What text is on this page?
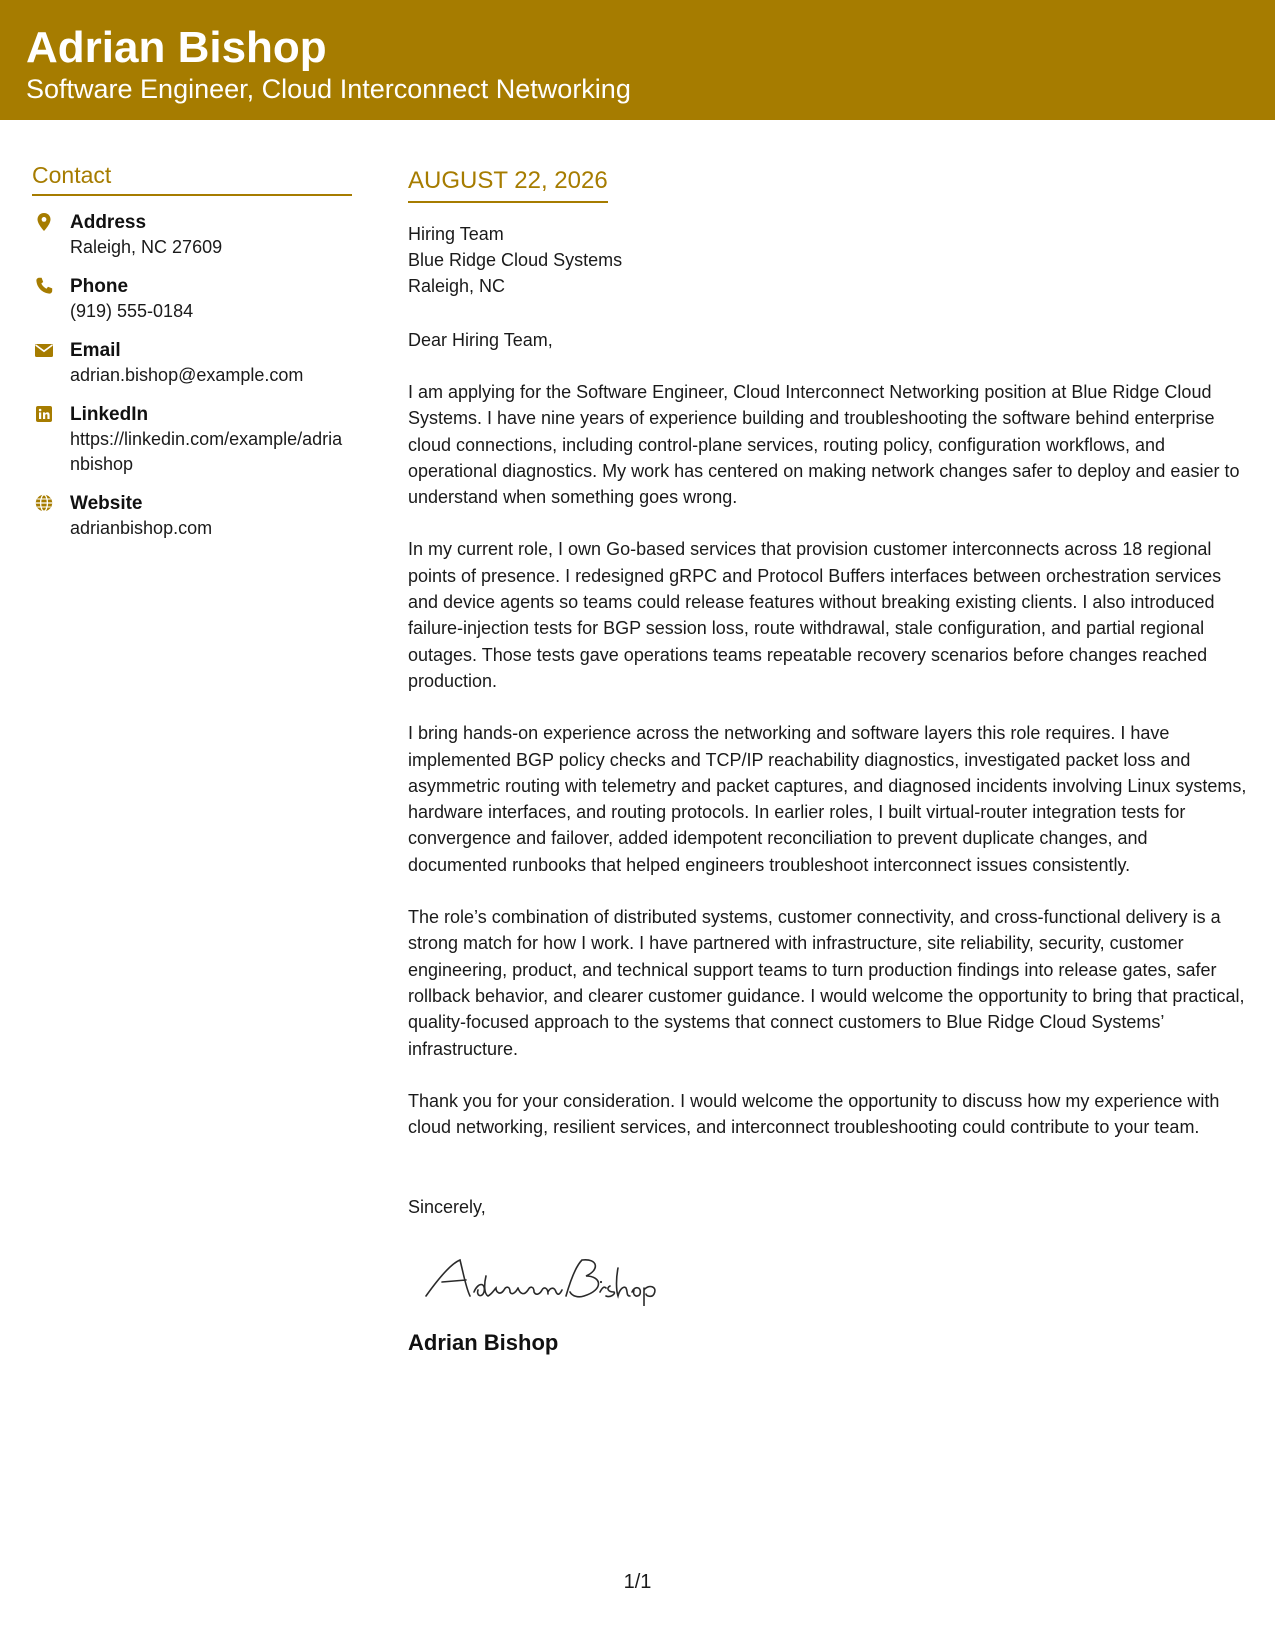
Adrian Bishop
Software Engineer, Cloud Interconnect Networking
Contact
Address
Raleigh, NC 27609
Phone
(919) 555-0184
Email
adrian.bishop@example.com
LinkedIn
https://linkedin.com/example/adrianbishop
Website
adrianbishop.com
AUGUST 22, 2026
Hiring Team
Blue Ridge Cloud Systems
Raleigh, NC
Dear Hiring Team,
I am applying for the Software Engineer, Cloud Interconnect Networking position at Blue Ridge Cloud Systems. I have nine years of experience building and troubleshooting the software behind enterprise cloud connections, including control-plane services, routing policy, configuration workflows, and operational diagnostics. My work has centered on making network changes safer to deploy and easier to understand when something goes wrong.
In my current role, I own Go-based services that provision customer interconnects across 18 regional points of presence. I redesigned gRPC and Protocol Buffers interfaces between orchestration services and device agents so teams could release features without breaking existing clients. I also introduced failure-injection tests for BGP session loss, route withdrawal, stale configuration, and partial regional outages. Those tests gave operations teams repeatable recovery scenarios before changes reached production.
I bring hands-on experience across the networking and software layers this role requires. I have implemented BGP policy checks and TCP/IP reachability diagnostics, investigated packet loss and asymmetric routing with telemetry and packet captures, and diagnosed incidents involving Linux systems, hardware interfaces, and routing protocols. In earlier roles, I built virtual-router integration tests for convergence and failover, added idempotent reconciliation to prevent duplicate changes, and documented runbooks that helped engineers troubleshoot interconnect issues consistently.
The role’s combination of distributed systems, customer connectivity, and cross-functional delivery is a strong match for how I work. I have partnered with infrastructure, site reliability, security, customer engineering, product, and technical support teams to turn production findings into release gates, safer rollback behavior, and clearer customer guidance. I would welcome the opportunity to bring that practical, quality-focused approach to the systems that connect customers to Blue Ridge Cloud Systems’ infrastructure.
Thank you for your consideration. I would welcome the opportunity to discuss how my experience with cloud networking, resilient services, and interconnect troubleshooting could contribute to your team.
Sincerely,
Adrian Bishop
1/1
